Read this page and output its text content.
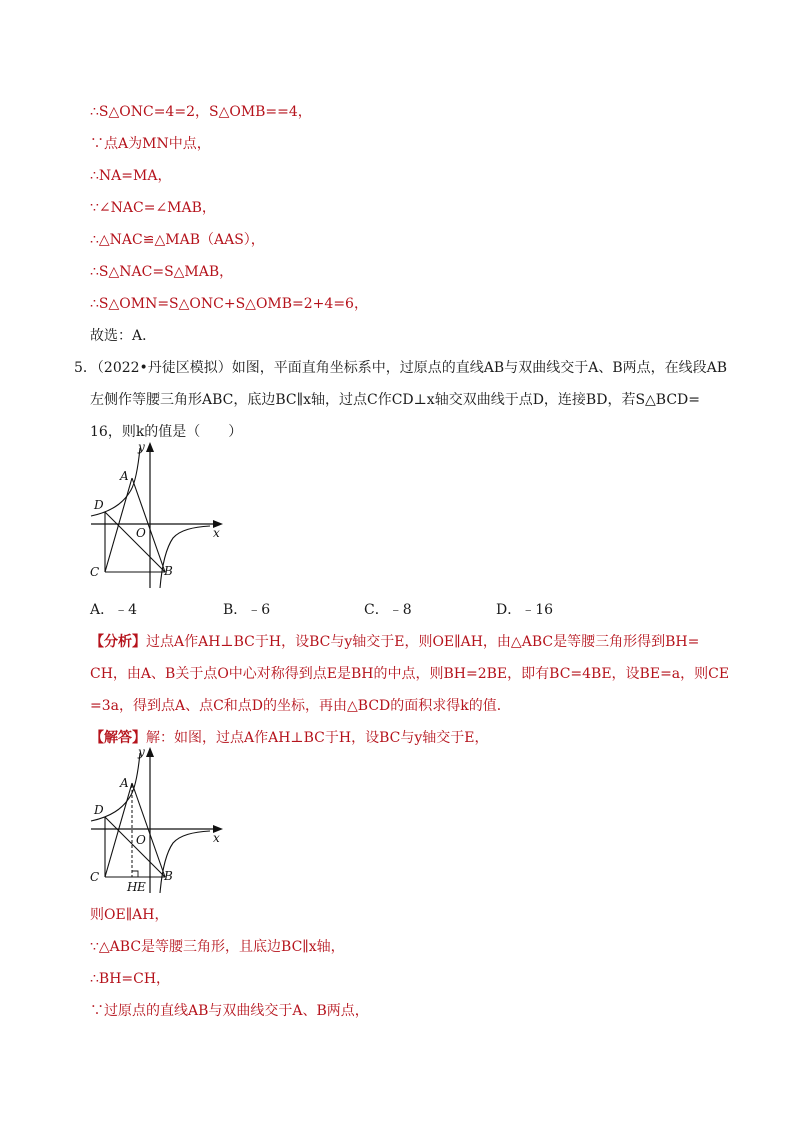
∴S△ONC=4=2，S△OMB==4，
∵点A为MN中点，
∴NA=MA，
∵∠NAC=∠MAB，
∴△NAC≌△MAB（AAS），
∴S△NAC=S△MAB，
∴S△OMN=S△ONC+S△OMB=2+4=6，
故选：A．
5．（2022•丹徒区模拟）如图，平面直角坐标系中，过原点的直线AB与双曲线交于A、B两点，在线段AB
左侧作等腰三角形ABC，底边BC∥x轴，过点C作CD⊥x轴交双曲线于点D，连接BD，若S△BCD=
16，则k的值是（　　）
y
x
A
D
O
C	B
A．﹣4	B．﹣6	C．﹣8	D．﹣16
【分析】过点A作AH⊥BC于H，设BC与y轴交于E，则OE∥AH，由△ABC是等腰三角形得到BH=
CH，由A、B关于点O中心对称得到点E是BH的中点，则BH=2BE，即有BC=4BE，设BE=a，则CE
=3a，得到点A、点C和点D的坐标，再由△BCD的面积求得k的值．
【解答】解：如图，过点A作AH⊥BC于H，设BC与y轴交于E，
y
x
A
D
O
C	B
H E
则OE∥AH，
∵△ABC是等腰三角形，且底边BC∥x轴，
∴BH=CH，
∵过原点的直线AB与双曲线交于A、B两点，
